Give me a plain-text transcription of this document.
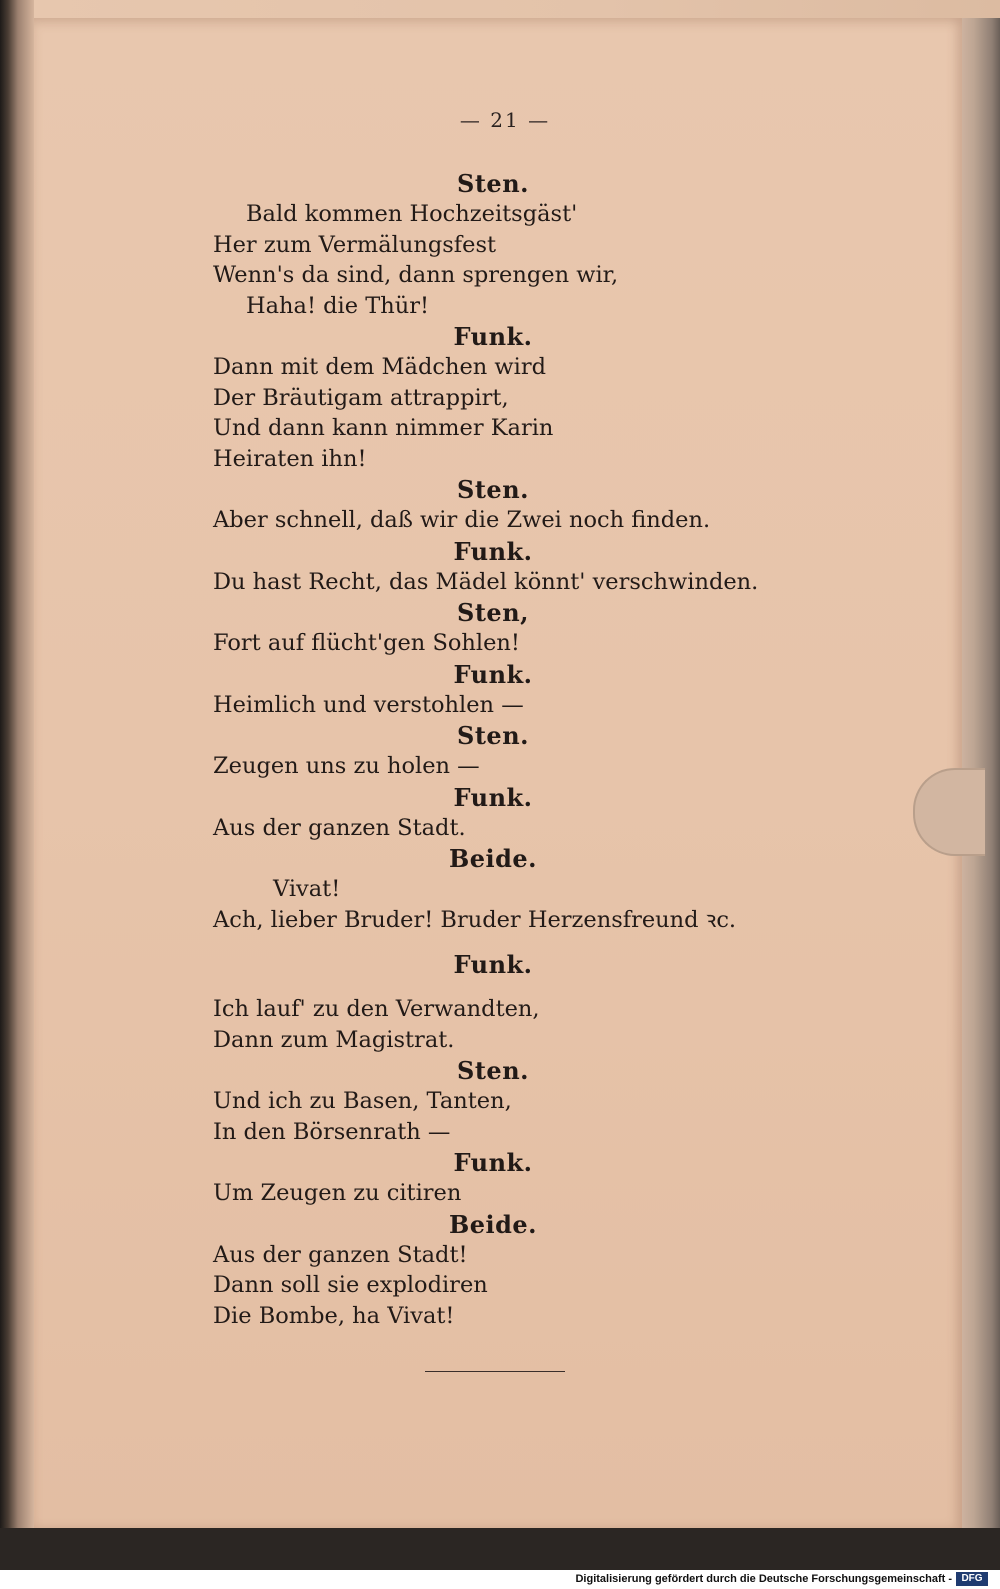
— 21 —
Sten.
Bald kommen Hochzeitsgäst'
Her zum Vermälungsfest
Wenn's da sind, dann sprengen wir,
Haha! die Thür!
Funk.
Dann mit dem Mädchen wird
Der Bräutigam attrappirt,
Und dann kann nimmer Karin
Heiraten ihn!
Sten.
Aber schnell, daß wir die Zwei noch finden.
Funk.
Du hast Recht, das Mädel könnt' verschwinden.
Sten,
Fort auf flücht'gen Sohlen!
Funk.
Heimlich und verstohlen —
Sten.
Zeugen uns zu holen —
Funk.
Aus der ganzen Stadt.
Beide.
Vivat!
Ach, lieber Bruder! Bruder Herzensfreund ꝛc.
Funk.
Ich lauf' zu den Verwandten,
Dann zum Magistrat.
Sten.
Und ich zu Basen, Tanten,
In den Börsenrath —
Funk.
Um Zeugen zu citiren
Beide.
Aus der ganzen Stadt!
Dann soll sie explodiren
Die Bombe, ha Vivat!
Digitalisierung gefördert durch die Deutsche Forschungsgemeinschaft - DFG
